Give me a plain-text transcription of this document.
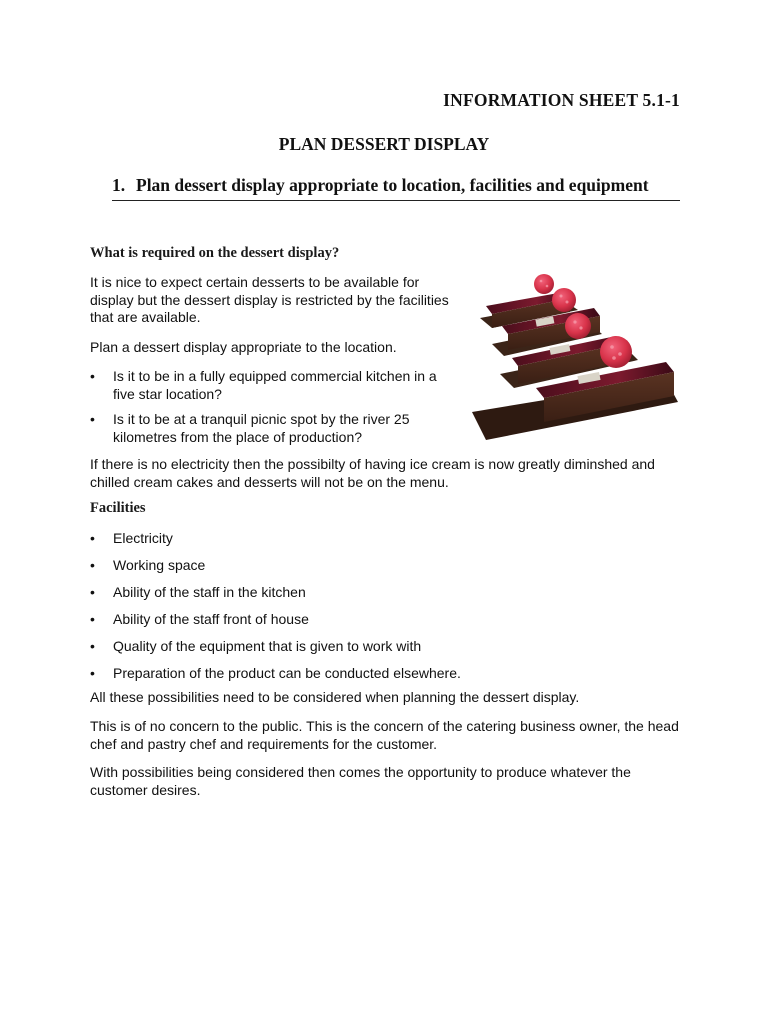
INFORMATION SHEET 5.1-1
PLAN DESSERT DISPLAY
1. Plan dessert display appropriate to location, facilities and equipment
What is required on the dessert display?
It is nice to expect certain desserts to be available for display but the dessert display is restricted by the facilities that are available.
Plan a dessert display appropriate to the location.
•	Is it to be in a fully equipped commercial kitchen in a five star location?
•	Is it to be at a tranquil picnic spot by the river 25 kilometres from the place of production?
If there is no electricity then the possibilty of having ice cream is now greatly diminshed and chilled cream cakes and desserts will not be on the menu.
Facilities
•	Electricity
•	Working space
•	Ability of the staff in the kitchen
•	Ability of the staff front of house
•	Quality of the equipment that is given to work with
•	Preparation of the product can be conducted elsewhere.
All these possibilities need to be considered when planning the dessert display.
This is of no concern to the public. This is the concern of the catering business owner, the head chef and pastry chef and requirements for the customer.
With possibilities being considered then comes the opportunity to produce whatever the customer desires.
